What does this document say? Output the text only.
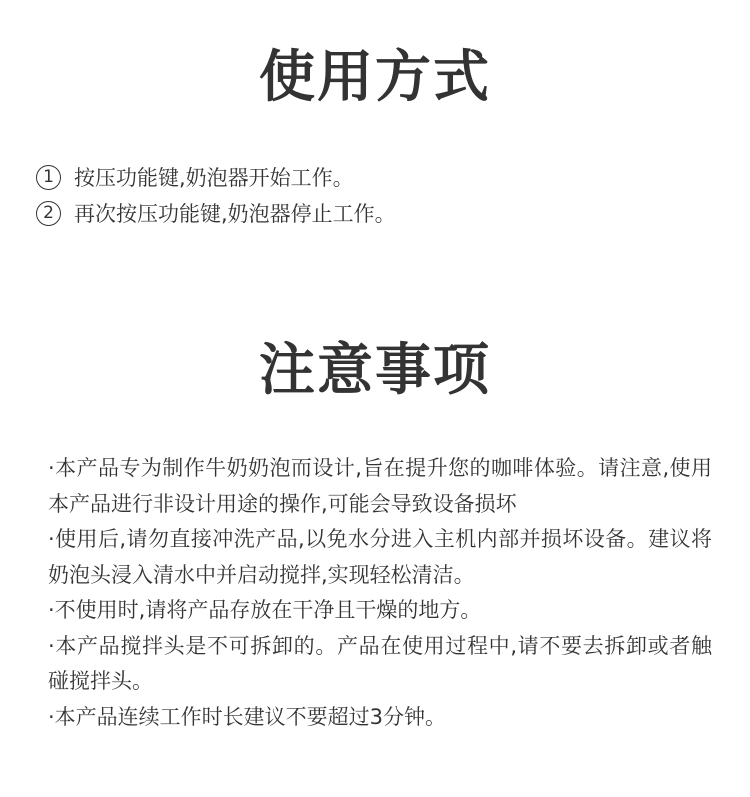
使用方式
1 按压功能键,奶泡器开始工作。
2 再次按压功能键,奶泡器停止工作。
注意事项
·本产品专为制作牛奶奶泡而设计,旨在提升您的咖啡体验。请注意,使用本产品进行非设计用途的操作,可能会导致设备损坏
·使用后,请勿直接冲洗产品,以免水分进入主机内部并损坏设备。建议将奶泡头浸入清水中并启动搅拌,实现轻松清洁。
·不使用时,请将产品存放在干净且干燥的地方。
·本产品搅拌头是不可拆卸的。产品在使用过程中,请不要去拆卸或者触碰搅拌头。
·本产品连续工作时长建议不要超过3分钟。
